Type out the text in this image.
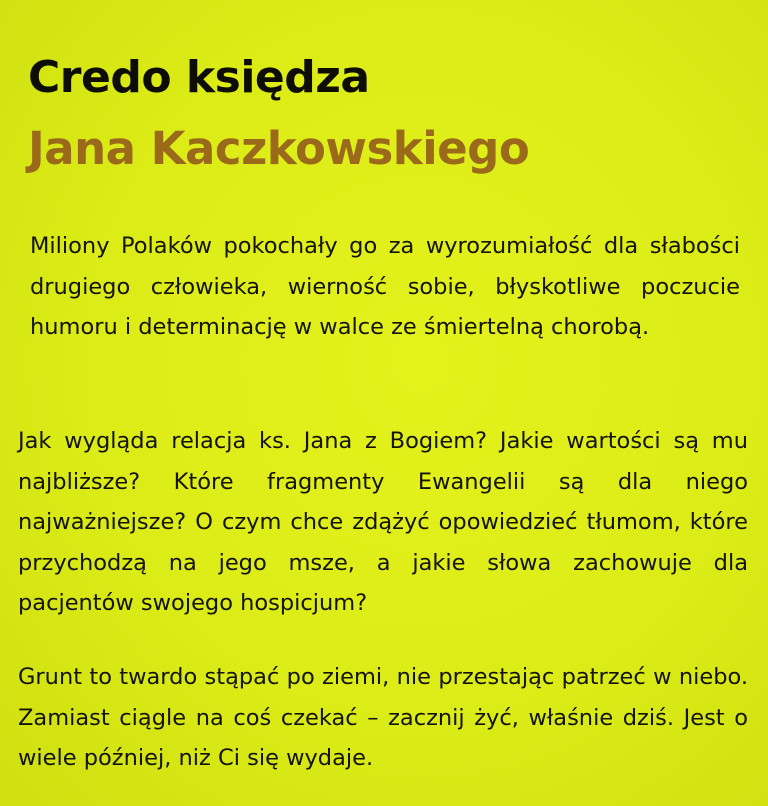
Credo księdza
Jana Kaczkowskiego

Miliony Polaków pokochały go za wyrozumiałość dla słabości drugiego człowieka, wierność sobie, błyskotliwe poczucie humoru i determinację w walce ze śmiertelną chorobą.

Jak wygląda relacja ks. Jana z Bogiem? Jakie wartości są mu najbliższe? Które fragmenty Ewangelii są dla niego najważniejsze? O czym chce zdążyć opowiedzieć tłumom, które przychodzą na jego msze, a jakie słowa zachowuje dla pacjentów swojego hospicjum?

Grunt to twardo stąpać po ziemi, nie przestając patrzeć w niebo. Zamiast ciągle na coś czekać – zacznij żyć, właśnie dziś. Jest o wiele później, niż Ci się wydaje.
